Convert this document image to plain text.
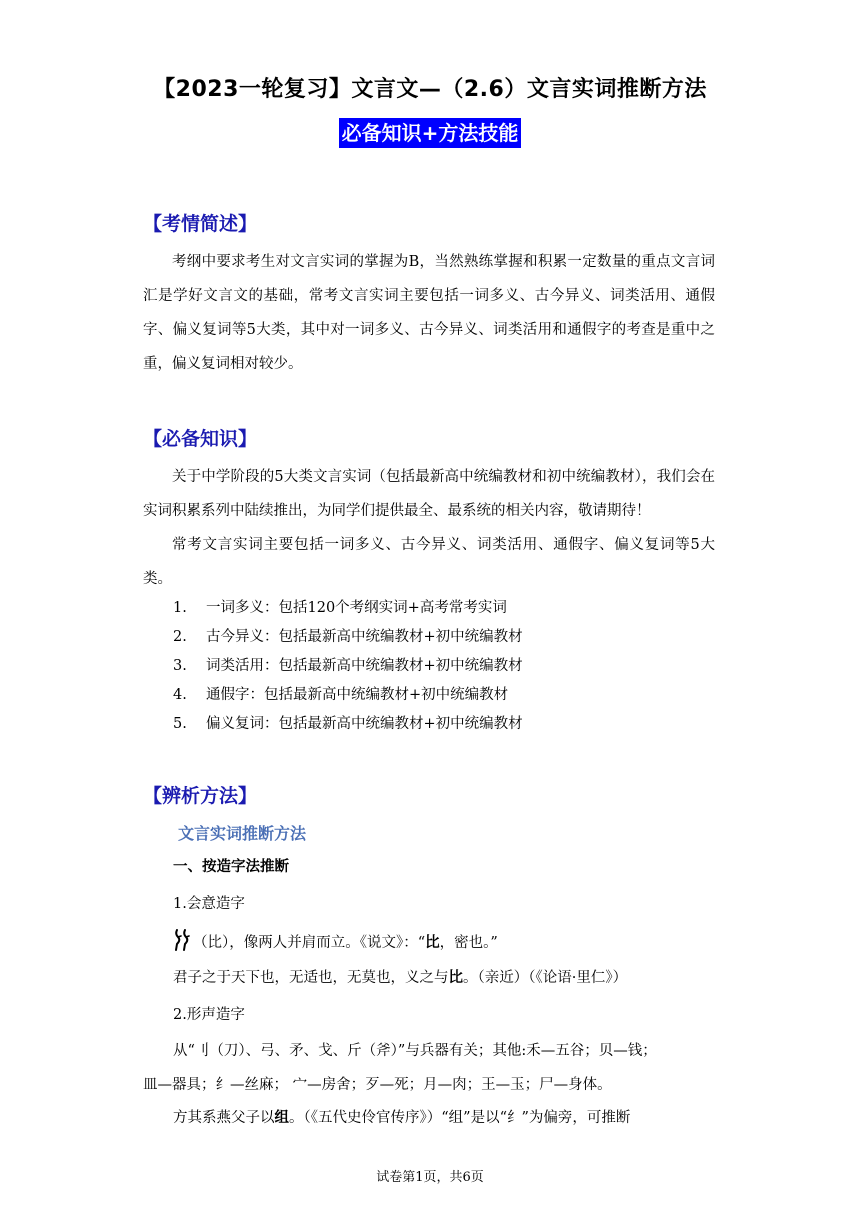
【2023一轮复习】文言文—（2.6）文言实词推断方法
必备知识+方法技能
【考情简述】
考纲中要求考生对文言实词的掌握为B，当然熟练掌握和积累一定数量的重点文言词汇是学好文言文的基础，常考文言实词主要包括一词多义、古今异义、词类活用、通假字、偏义复词等5大类，其中对一词多义、古今异义、词类活用和通假字的考查是重中之重，偏义复词相对较少。
【必备知识】
关于中学阶段的5大类文言实词（包括最新高中统编教材和初中统编教材），我们会在实词积累系列中陆续推出，为同学们提供最全、最系统的相关内容，敬请期待！
常考文言实词主要包括一词多义、古今异义、词类活用、通假字、偏义复词等5大类。
1.	一词多义：包括120个考纲实词+高考常考实词
2.	古今异义：包括最新高中统编教材+初中统编教材
3.	词类活用：包括最新高中统编教材+初中统编教材
4.	通假字：包括最新高中统编教材+初中统编教材
5.	偏义复词：包括最新高中统编教材+初中统编教材
【辨析方法】
文言实词推断方法
一、按造字法推断
1.会意造字
（比），像两人并肩而立。《说文》：“比，密也。”
君子之于天下也，无适也，无莫也，义之与比。（亲近）（《论语·里仁》）
2.形声造字
从“刂（刀）、弓、矛、戈、斤（斧）”与兵器有关；其他:禾—五谷；贝—钱；
皿—器具；纟—丝麻； 宀—房舍；歹—死；月—肉；王—玉；尸—身体。
方其系燕父子以组。（《五代史伶官传序》）“组”是以“纟”为偏旁，可推断
试卷第1页，共6页
